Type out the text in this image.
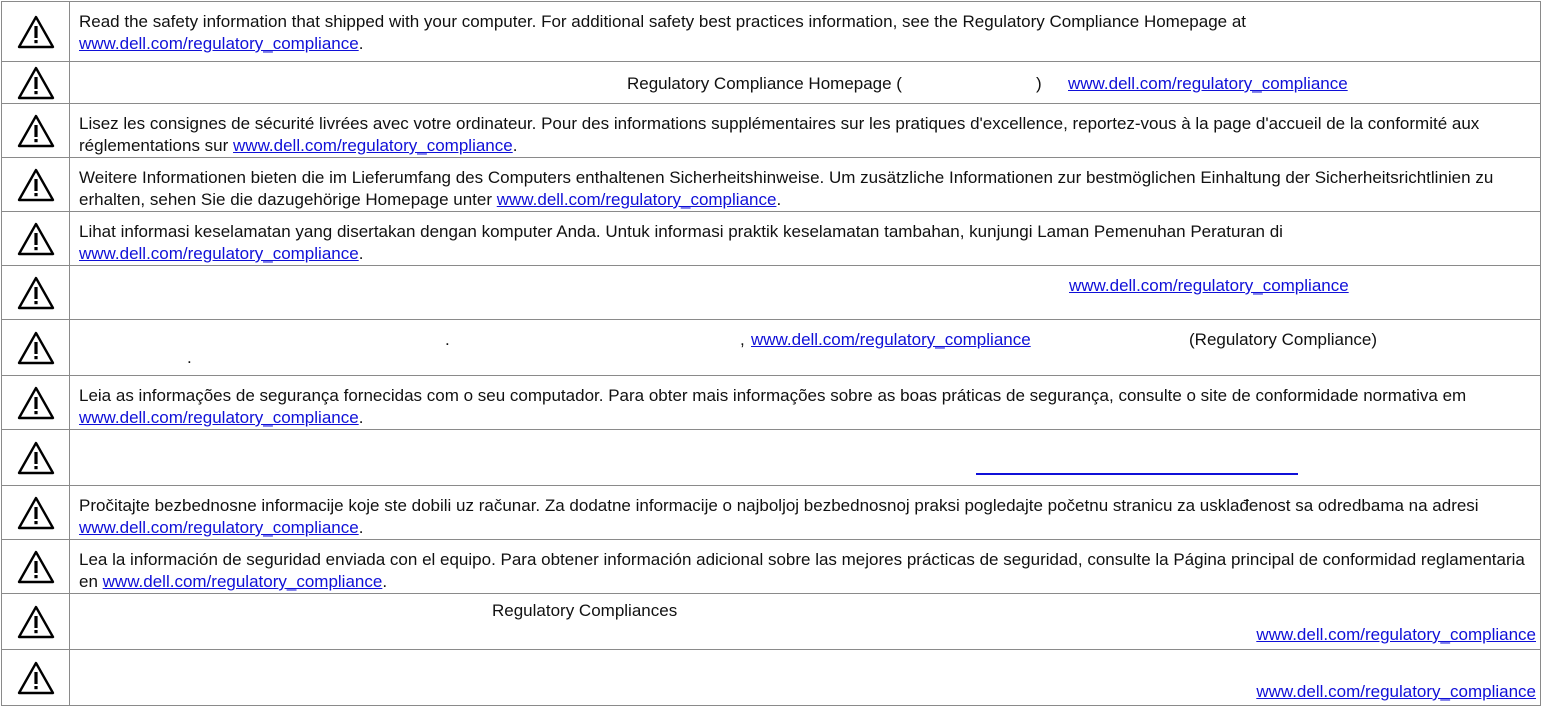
Read the safety information that shipped with your computer. For additional safety best practices information, see the Regulatory Compliance Homepage at www.dell.com/regulatory_compliance.
Regulatory Compliance Homepage (	) www.dell.com/regulatory_compliance
Lisez les consignes de sécurité livrées avec votre ordinateur. Pour des informations supplémentaires sur les pratiques d'excellence, reportez-vous à la page d'accueil de la conformité aux réglementations sur www.dell.com/regulatory_compliance.
Weitere Informationen bieten die im Lieferumfang des Computers enthaltenen Sicherheitshinweise. Um zusätzliche Informationen zur bestmöglichen Einhaltung der Sicherheitsrichtlinien zu erhalten, sehen Sie die dazugehörige Homepage unter www.dell.com/regulatory_compliance.
Lihat informasi keselamatan yang disertakan dengan komputer Anda. Untuk informasi praktik keselamatan tambahan, kunjungi Laman Pemenuhan Peraturan di www.dell.com/regulatory_compliance.
www.dell.com/regulatory_compliance
.	, www.dell.com/regulatory_compliance	(Regulatory Compliance)
.
Leia as informações de segurança fornecidas com o seu computador. Para obter mais informações sobre as boas práticas de segurança, consulte o site de conformidade normativa em www.dell.com/regulatory_compliance.
Pročitajte bezbednosne informacije koje ste dobili uz računar. Za dodatne informacije o najboljoj bezbednosnoj praksi pogledajte početnu stranicu za usklađenost sa odredbama na adresi www.dell.com/regulatory_compliance.
Lea la información de seguridad enviada con el equipo. Para obtener información adicional sobre las mejores prácticas de seguridad, consulte la Página principal de conformidad reglamentaria en www.dell.com/regulatory_compliance.
Regulatory Compliances
www.dell.com/regulatory_compliance
www.dell.com/regulatory_compliance
